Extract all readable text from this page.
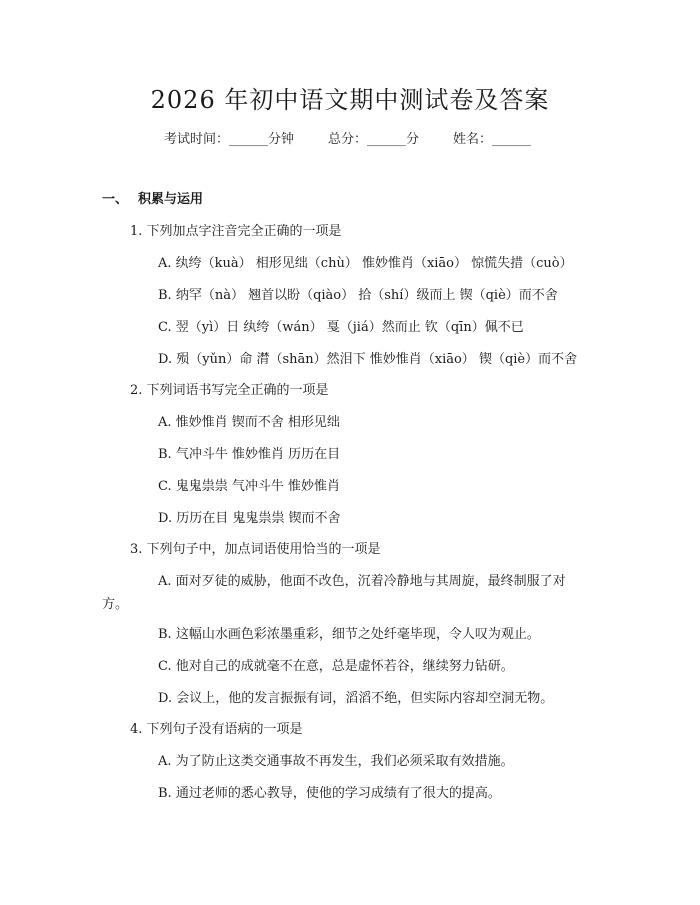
2026 年初中语文期中测试卷及答案
考试时间：______分钟	总分：______分	姓名：______
一、 积累与运用
1. 下列加点字注音完全正确的一项是
A. 纨绔（kuà） 相形见绌（chù） 惟妙惟肖（xiāo） 惊慌失措（cuò）
B. 纳罕（nà） 翘首以盼（qiào） 拾（shí）级而上 锲（qiè）而不舍
C. 翌（yì）日 纨绔（wán） 戛（jiá）然而止 钦（qīn）佩不已
D. 殒（yǔn）命 潸（shān）然泪下 惟妙惟肖（xiāo） 锲（qiè）而不舍
2. 下列词语书写完全正确的一项是
A. 惟妙惟肖 锲而不舍 相形见绌
B. 气冲斗牛 惟妙惟肖 历历在目
C. 鬼鬼祟祟 气冲斗牛 惟妙惟肖
D. 历历在目 鬼鬼祟祟 锲而不舍
3. 下列句子中，加点词语使用恰当的一项是
A. 面对歹徒的威胁，他面不改色，沉着冷静地与其周旋，最终制服了对
方。
B. 这幅山水画色彩浓墨重彩，细节之处纤毫毕现，令人叹为观止。
C. 他对自己的成就毫不在意，总是虚怀若谷，继续努力钻研。
D. 会议上，他的发言振振有词，滔滔不绝，但实际内容却空洞无物。
4. 下列句子没有语病的一项是
A. 为了防止这类交通事故不再发生，我们必须采取有效措施。
B. 通过老师的悉心教导，使他的学习成绩有了很大的提高。
